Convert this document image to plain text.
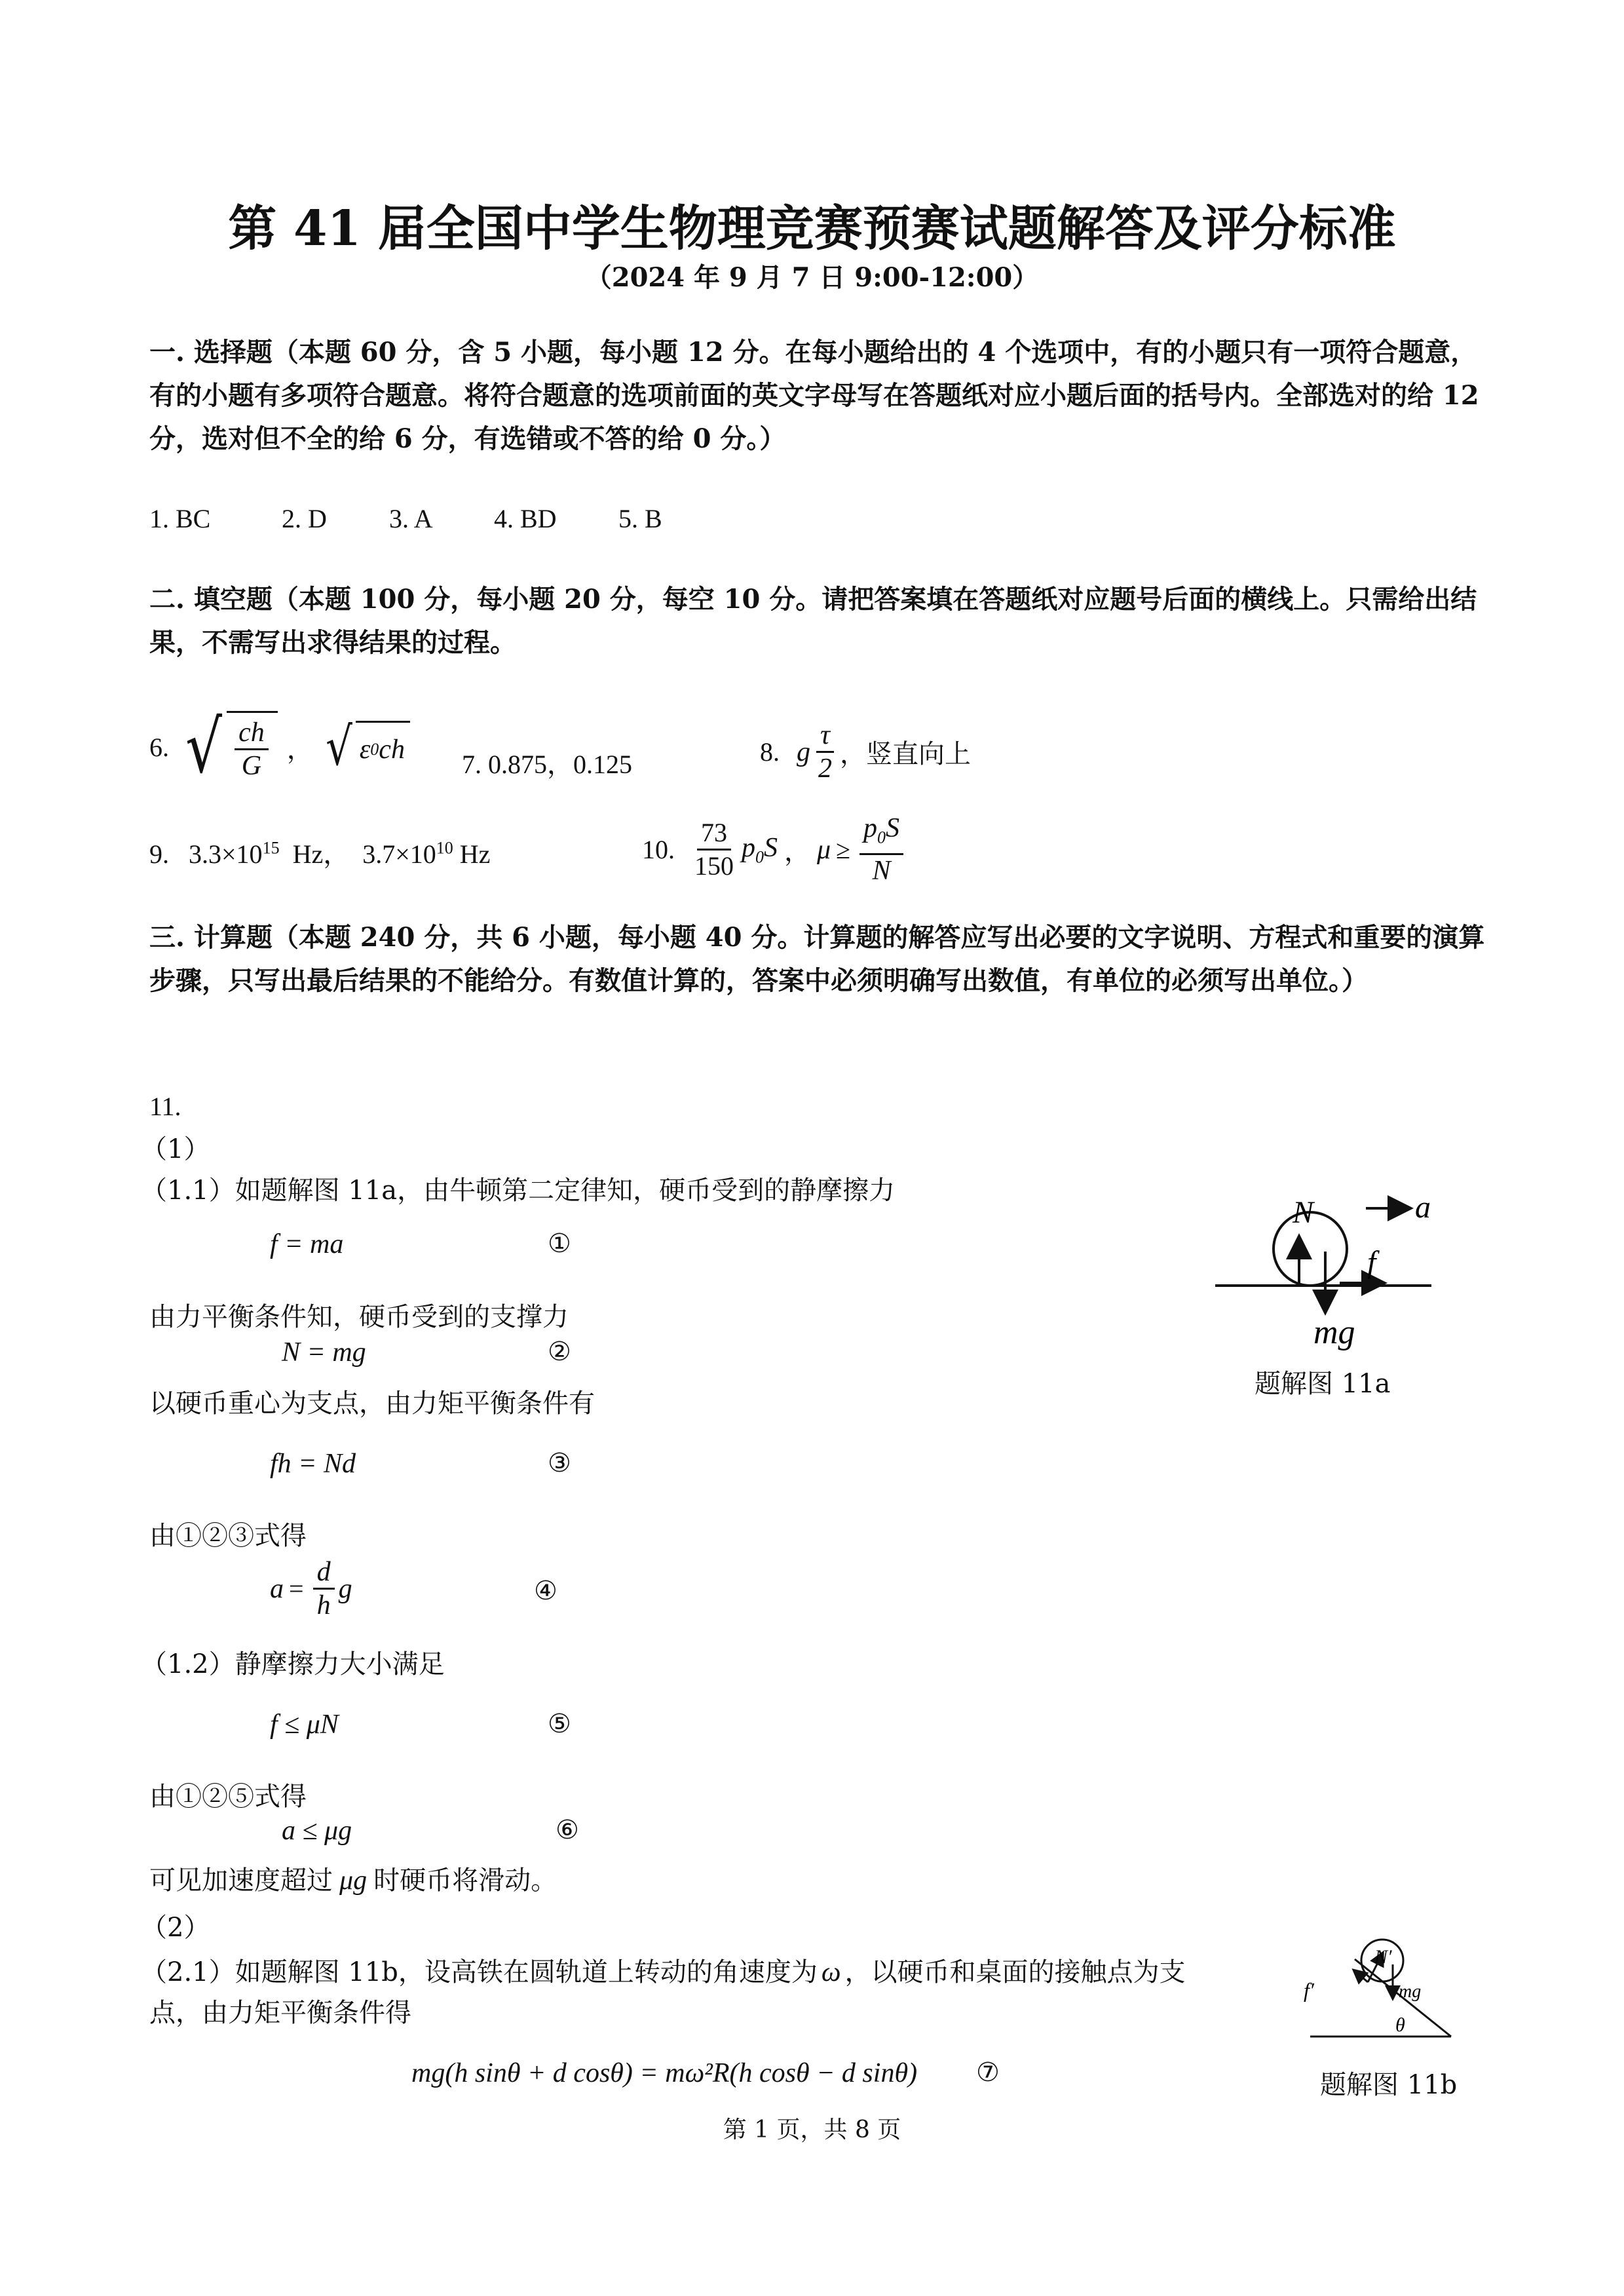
第 41 届全国中学生物理竞赛预赛试题解答及评分标准
（2024 年 9 月 7 日 9:00-12:00）
一. 选择题（本题 60 分，含 5 小题，每小题 12 分。在每小题给出的 4 个选项中，有的小题只有一项符合题意，有的小题有多项符合题意。将符合题意的选项前面的英文字母写在答题纸对应小题后面的括号内。全部选对的给 12 分，选对但不全的给 6 分，有选错或不答的给 0 分。）
1. BC	2. D 3. A 4. BD 5. B
二. 填空题（本题 100 分，每小题 20 分，每空 10 分。请把答案填在答题纸对应题号后面的横线上。只需给出结果，不需写出求得结果的过程。
6. √ $\frac{ch}{G}$ ， √ ε 0 ch 7. 0.875，0.125	8. g $\frac{\tau}{2}$ ，竖直向上
9. $3.3\times 10^{15}$ Hz， $3.7\times 10^{10}$ Hz	10. $\frac{73}{150} p_0S$ ， $\mu \ge \frac{p_0S}{N}$
三. 计算题（本题 240 分，共 6 小题，每小题 40 分。计算题的解答应写出必要的文字说明、方程式和重要的演算步骤，只写出最后结果的不能给分。有数值计算的，答案中必须明确写出数值，有单位的必须写出单位。）
11.
（1）
（1.1）如题解图 11a，由牛顿第二定律知，硬币受到的静摩擦力
f = ma	①
由力平衡条件知，硬币受到的支撑力
N = mg	②
以硬币重心为支点，由力矩平衡条件有
fh = Nd	③
由①②③式得
$a = \frac{d}{h}$ g	④
（1.2）静摩擦力大小满足
f ≤ μN	⑤
由①②⑤式得
a ≤ μg	⑥
可见加速度超过 μg 时硬币将滑动。
（2）
（2.1）如题解图 11b，设高铁在圆轨道上转动的角速度为 ω ，以硬币和桌面的接触点为支
点，由力矩平衡条件得
mg(h sinθ + d cosθ) = mω²R(h cosθ − d sinθ) ⑦
N	a
f
mg
题解图 11a
N′
f′	mg
θ
题解图 11b
第 1 页，共 8 页
